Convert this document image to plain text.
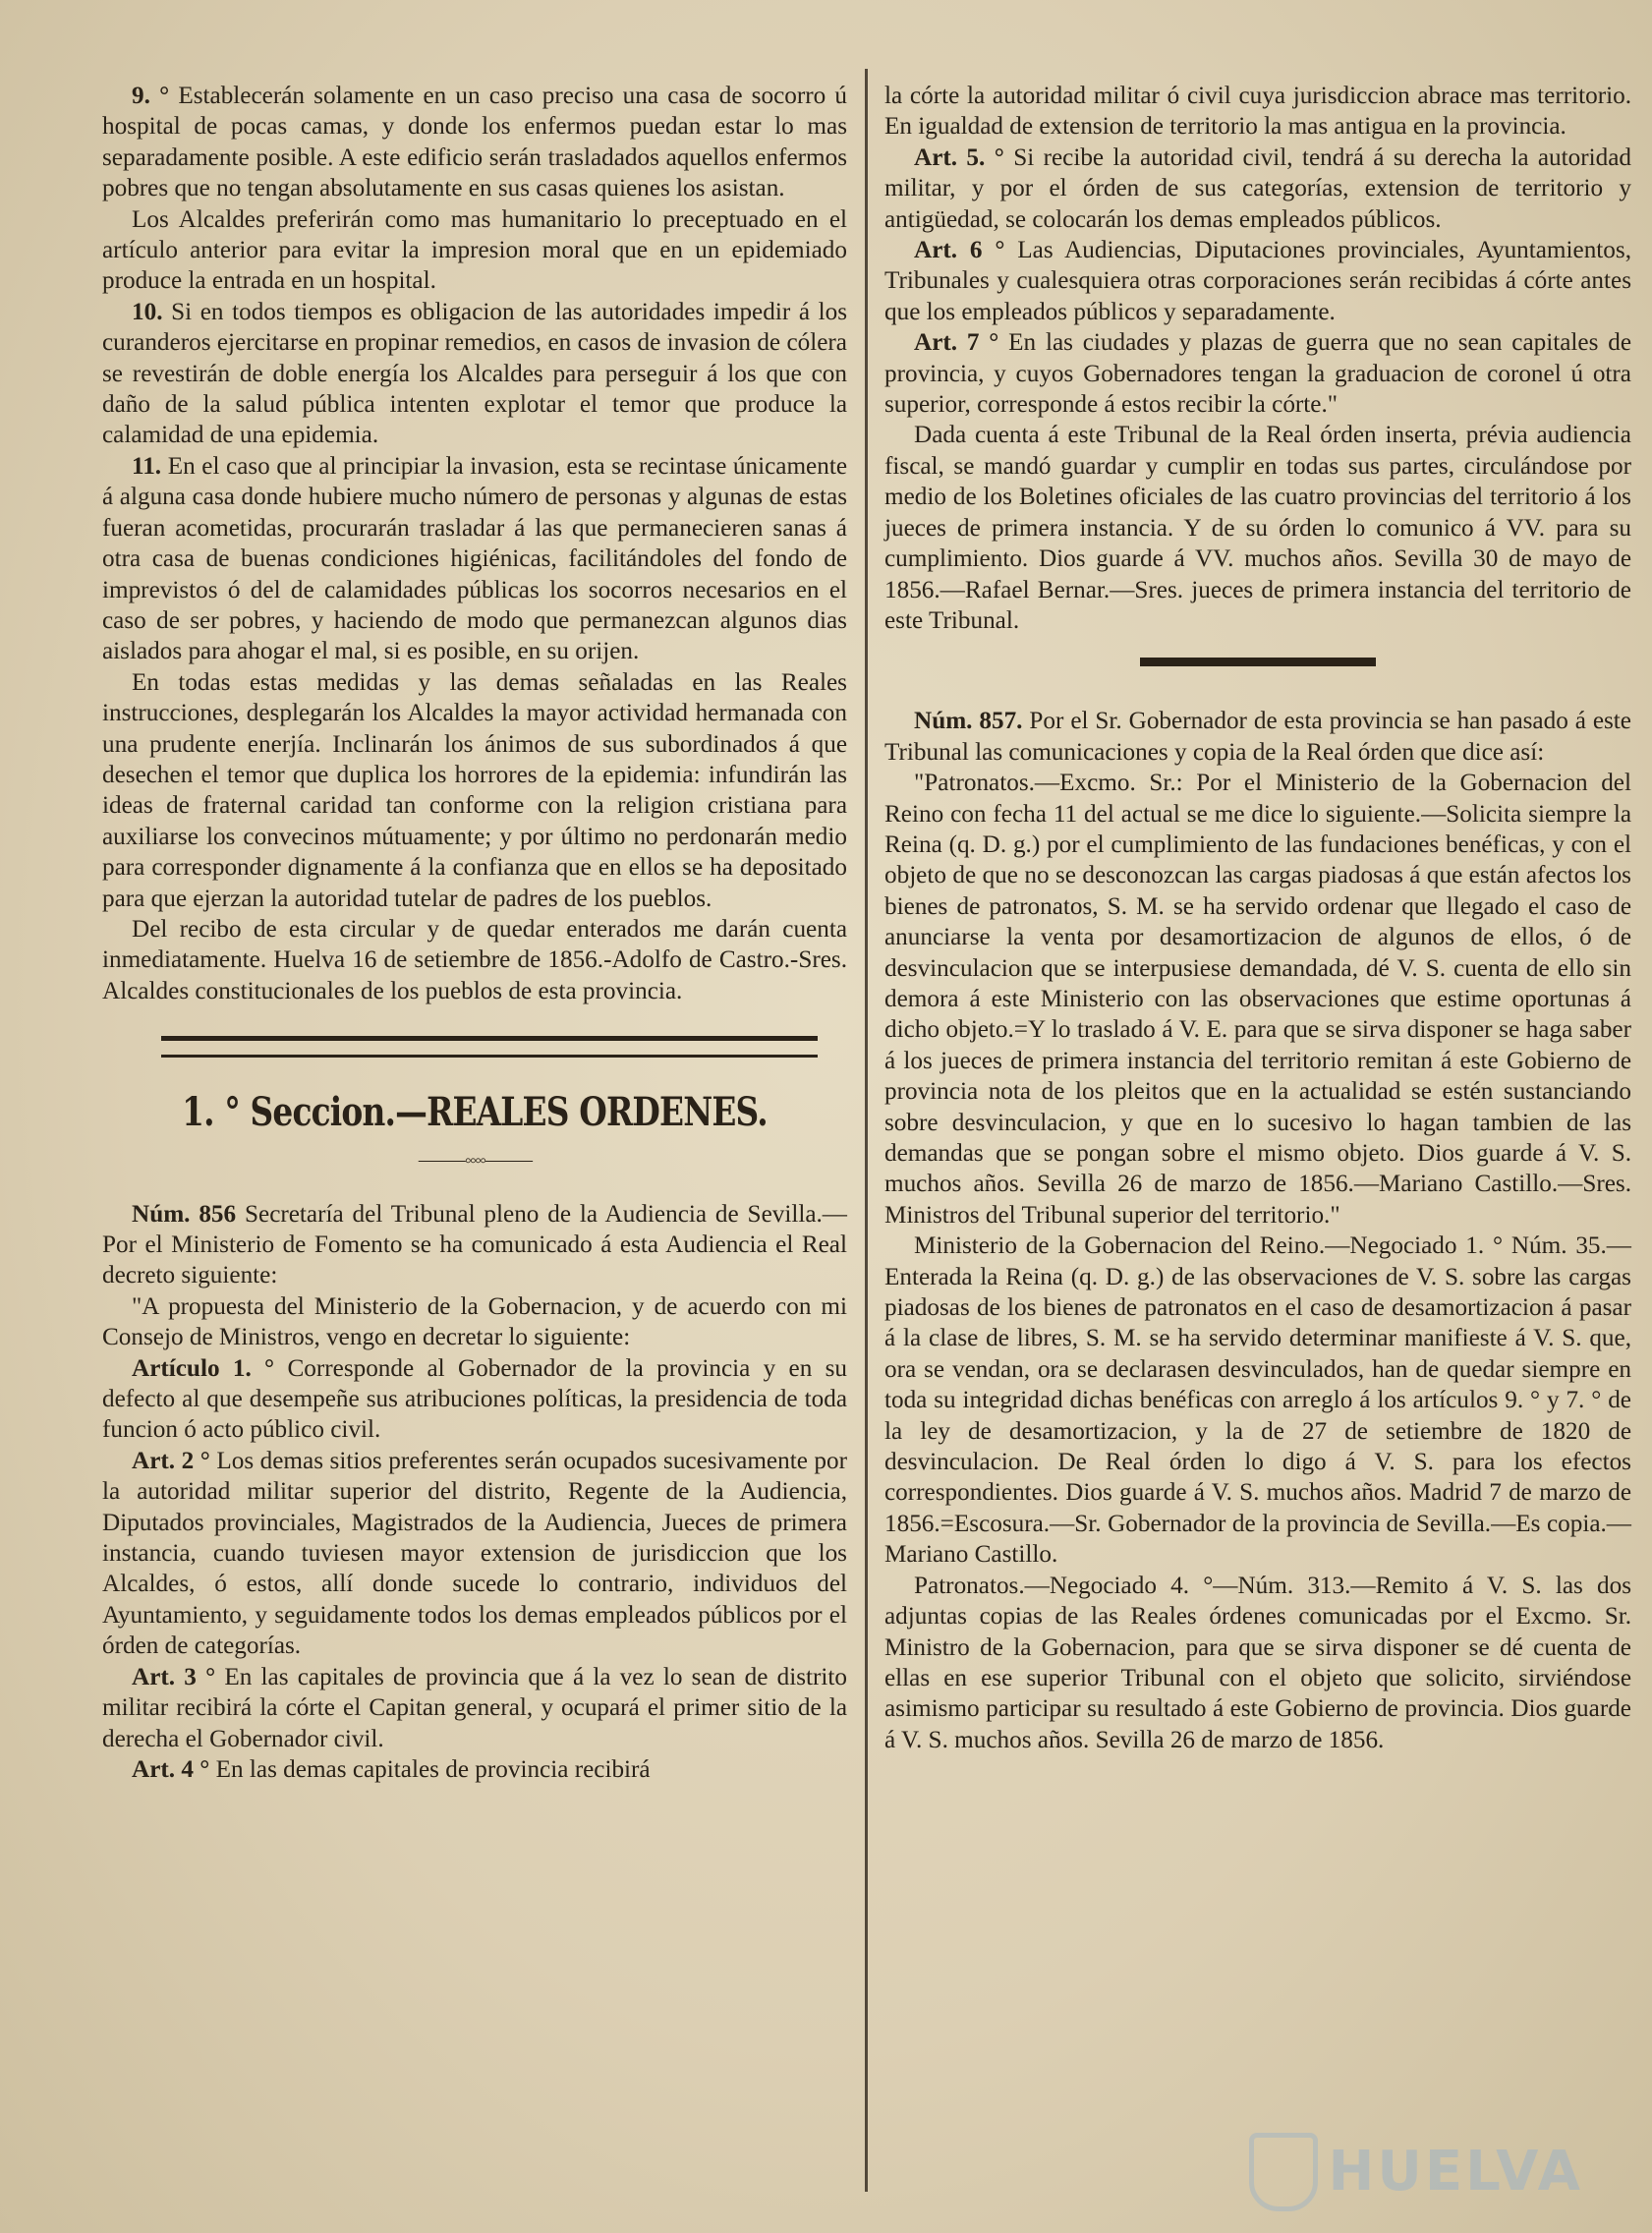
9. ° Establecerán solamente en un caso preciso una casa de socorro ú hospital de pocas camas, y donde los enfermos puedan estar lo mas separadamente posible. A este edificio serán trasladados aquellos enfermos pobres que no tengan absolutamente en sus casas quienes los asistan.

Los Alcaldes preferirán como mas humanitario lo preceptuado en el artículo anterior para evitar la impresion moral que en un epidemiado produce la entrada en un hospital.

10. Si en todos tiempos es obligacion de las autoridades impedir á los curanderos ejercitarse en propinar remedios, en casos de invasion de cólera se revestirán de doble energía los Alcaldes para perseguir á los que con daño de la salud pública intenten explotar el temor que produce la calamidad de una epidemia.

11. En el caso que al principiar la invasion, esta se recintase únicamente á alguna casa donde hubiere mucho número de personas y algunas de estas fueran acometidas, procurarán trasladar á las que permanecieren sanas á otra casa de buenas condiciones higiénicas, facilitándoles del fondo de imprevistos ó del de calamidades públicas los socorros necesarios en el caso de ser pobres, y haciendo de modo que permanezcan algunos dias aislados para ahogar el mal, si es posible, en su orijen.

En todas estas medidas y las demas señaladas en las Reales instrucciones, desplegarán los Alcaldes la mayor actividad hermanada con una prudente enerjía. Inclinarán los ánimos de sus subordinados á que desechen el temor que duplica los horrores de la epidemia: infundirán las ideas de fraternal caridad tan conforme con la religion cristiana para auxiliarse los convecinos mútuamente; y por último no perdonarán medio para corresponder dignamente á la confianza que en ellos se ha depositado para que ejerzan la autoridad tutelar de padres de los pueblos.

Del recibo de esta circular y de quedar enterados me darán cuenta inmediatamente. Huelva 16 de setiembre de 1856.-Adolfo de Castro.-Sres. Alcaldes constitucionales de los pueblos de esta provincia.

1. ° Seccion.—REALES ORDENES.
⸻◦◦◦◦⸻

Núm. 856 Secretaría del Tribunal pleno de la Audiencia de Sevilla.—Por el Ministerio de Fomento se ha comunicado á esta Audiencia el Real decreto siguiente:

"A propuesta del Ministerio de la Gobernacion, y de acuerdo con mi Consejo de Ministros, vengo en decretar lo siguiente:

Artículo 1. ° Corresponde al Gobernador de la provincia y en su defecto al que desempeñe sus atribuciones políticas, la presidencia de toda funcion ó acto público civil.

Art. 2 ° Los demas sitios preferentes serán ocupados sucesivamente por la autoridad militar superior del distrito, Regente de la Audiencia, Diputados provinciales, Magistrados de la Audiencia, Jueces de primera instancia, cuando tuviesen mayor extension de jurisdiccion que los Alcaldes, ó estos, allí donde sucede lo contrario, individuos del Ayuntamiento, y seguidamente todos los demas empleados públicos por el órden de categorías.

Art. 3 ° En las capitales de provincia que á la vez lo sean de distrito militar recibirá la córte el Capitan general, y ocupará el primer sitio de la derecha el Gobernador civil.

Art. 4 ° En las demas capitales de provincia recibirá

la córte la autoridad militar ó civil cuya jurisdiccion abrace mas territorio. En igualdad de extension de territorio la mas antigua en la provincia.

Art. 5. ° Si recibe la autoridad civil, tendrá á su derecha la autoridad militar, y por el órden de sus categorías, extension de territorio y antigüedad, se colocarán los demas empleados públicos.

Art. 6 ° Las Audiencias, Diputaciones provinciales, Ayuntamientos, Tribunales y cualesquiera otras corporaciones serán recibidas á córte antes que los empleados públicos y separadamente.

Art. 7 ° En las ciudades y plazas de guerra que no sean capitales de provincia, y cuyos Gobernadores tengan la graduacion de coronel ú otra superior, corresponde á estos recibir la córte."

Dada cuenta á este Tribunal de la Real órden inserta, prévia audiencia fiscal, se mandó guardar y cumplir en todas sus partes, circulándose por medio de los Boletines oficiales de las cuatro provincias del territorio á los jueces de primera instancia. Y de su órden lo comunico á VV. para su cumplimiento. Dios guarde á VV. muchos años. Sevilla 30 de mayo de 1856.—Rafael Bernar.—Sres. jueces de primera instancia del territorio de este Tribunal.

Núm. 857. Por el Sr. Gobernador de esta provincia se han pasado á este Tribunal las comunicaciones y copia de la Real órden que dice así:

"Patronatos.—Excmo. Sr.: Por el Ministerio de la Gobernacion del Reino con fecha 11 del actual se me dice lo siguiente.—Solicita siempre la Reina (q. D. g.) por el cumplimiento de las fundaciones benéficas, y con el objeto de que no se desconozcan las cargas piadosas á que están afectos los bienes de patronatos, S. M. se ha servido ordenar que llegado el caso de anunciarse la venta por desamortizacion de algunos de ellos, ó de desvinculacion que se interpusiese demandada, dé V. S. cuenta de ello sin demora á este Ministerio con las observaciones que estime oportunas á dicho objeto.=Y lo traslado á V. E. para que se sirva disponer se haga saber á los jueces de primera instancia del territorio remitan á este Gobierno de provincia nota de los pleitos que en la actualidad se estén sustanciando sobre desvinculacion, y que en lo sucesivo lo hagan tambien de las demandas que se pongan sobre el mismo objeto. Dios guarde á V. S. muchos años. Sevilla 26 de marzo de 1856.—Mariano Castillo.—Sres. Ministros del Tribunal superior del territorio."

Ministerio de la Gobernacion del Reino.—Negociado 1. ° Núm. 35.—Enterada la Reina (q. D. g.) de las observaciones de V. S. sobre las cargas piadosas de los bienes de patronatos en el caso de desamortizacion á pasar á la clase de libres, S. M. se ha servido determinar manifieste á V. S. que, ora se vendan, ora se declarasen desvinculados, han de quedar siempre en toda su integridad dichas benéficas con arreglo á los artículos 9. ° y 7. ° de la ley de desamortizacion, y la de 27 de setiembre de 1820 de desvinculacion. De Real órden lo digo á V. S. para los efectos correspondientes. Dios guarde á V. S. muchos años. Madrid 7 de marzo de 1856.=Escosura.—Sr. Gobernador de la provincia de Sevilla.—Es copia.—Mariano Castillo.

Patronatos.—Negociado 4. °—Núm. 313.—Remito á V. S. las dos adjuntas copias de las Reales órdenes comunicadas por el Excmo. Sr. Ministro de la Gobernacion, para que se sirva disponer se dé cuenta de ellas en ese superior Tribunal con el objeto que solicito, sirviéndose asimismo participar su resultado á este Gobierno de provincia. Dios guarde á V. S. muchos años. Sevilla 26 de marzo de 1856.

HUELVA
